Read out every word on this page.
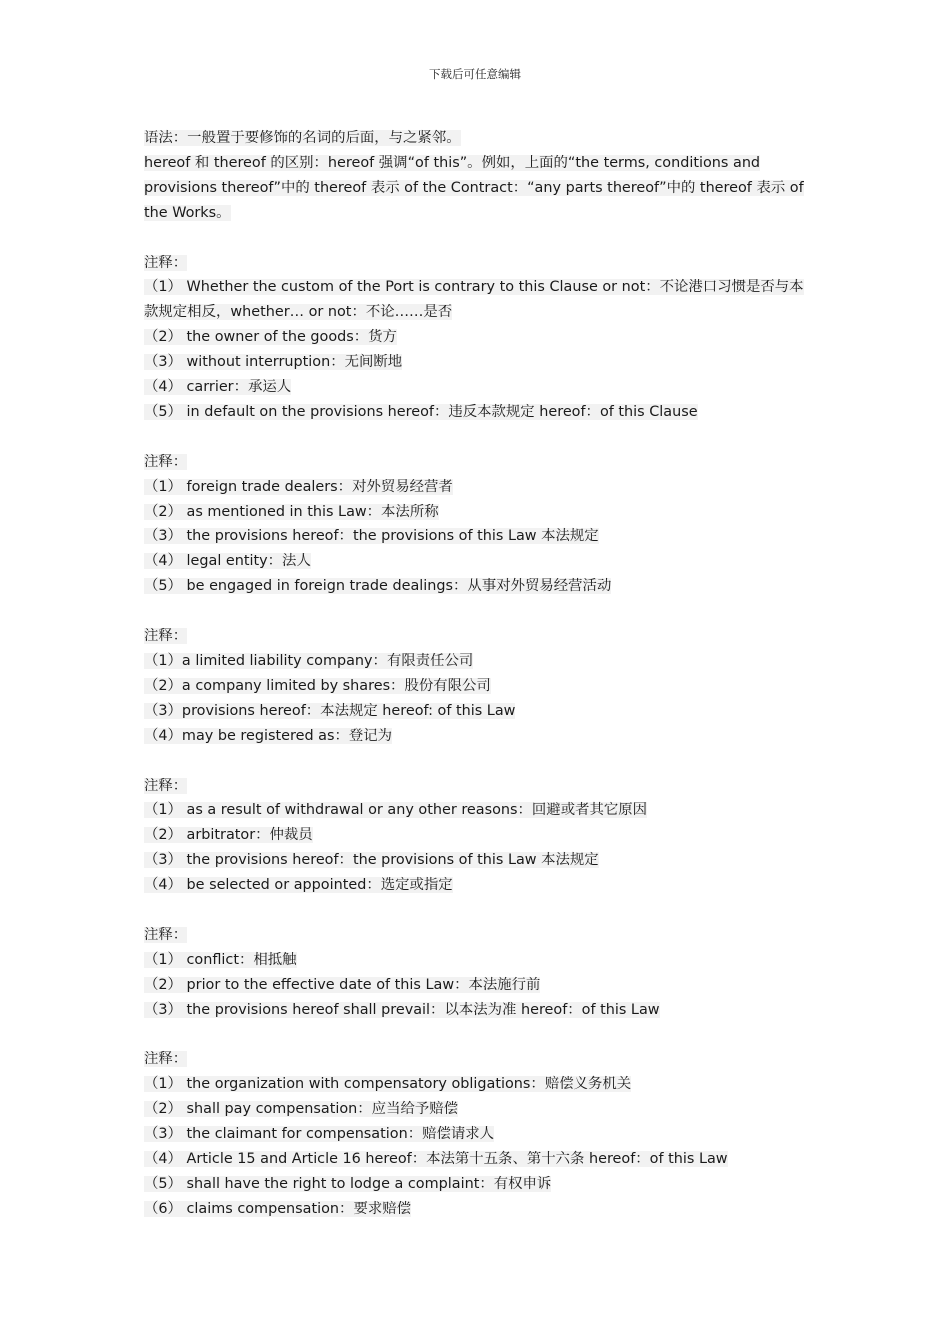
下载后可任意编辑

语法：一般置于要修饰的名词的后面，与之紧邻。

hereof 和 thereof 的区别：hereof 强调“of this”。例如，上面的“the terms, conditions and provisions thereof”中的 thereof 表示 of the Contract：“any parts thereof”中的 thereof 表示 of the Works。

注释：

（1） Whether the custom of the Port is contrary to this Clause or not：不论港口习惯是否与本款规定相反，whether… or not：不论……是否

（2） the owner of the goods：货方

（3） without interruption：无间断地

（4） carrier：承运人

（5） in default on the provisions hereof：违反本款规定 hereof：of this Clause

注释：

（1） foreign trade dealers：对外贸易经营者

（2） as mentioned in this Law：本法所称

（3） the provisions hereof：the provisions of this Law 本法规定

（4） legal entity：法人

（5） be engaged in foreign trade dealings：从事对外贸易经营活动

注释：

（1）a limited liability company：有限责任公司

（2）a company limited by shares：股份有限公司

（3）provisions hereof：本法规定 hereof: of this Law

（4）may be registered as：登记为

注释：

（1） as a result of withdrawal or any other reasons：回避或者其它原因

（2） arbitrator：仲裁员

（3） the provisions hereof：the provisions of this Law 本法规定

（4） be selected or appointed：选定或指定

注释：

（1） conflict：相抵触

（2） prior to the effective date of this Law：本法施行前

（3） the provisions hereof shall prevail：以本法为准 hereof：of this Law

注释：

（1） the organization with compensatory obligations：赔偿义务机关

（2） shall pay compensation：应当给予赔偿

（3） the claimant for compensation：赔偿请求人

（4） Article 15 and Article 16 hereof：本法第十五条、第十六条 hereof：of this Law

（5） shall have the right to lodge a complaint：有权申诉

（6） claims compensation：要求赔偿
